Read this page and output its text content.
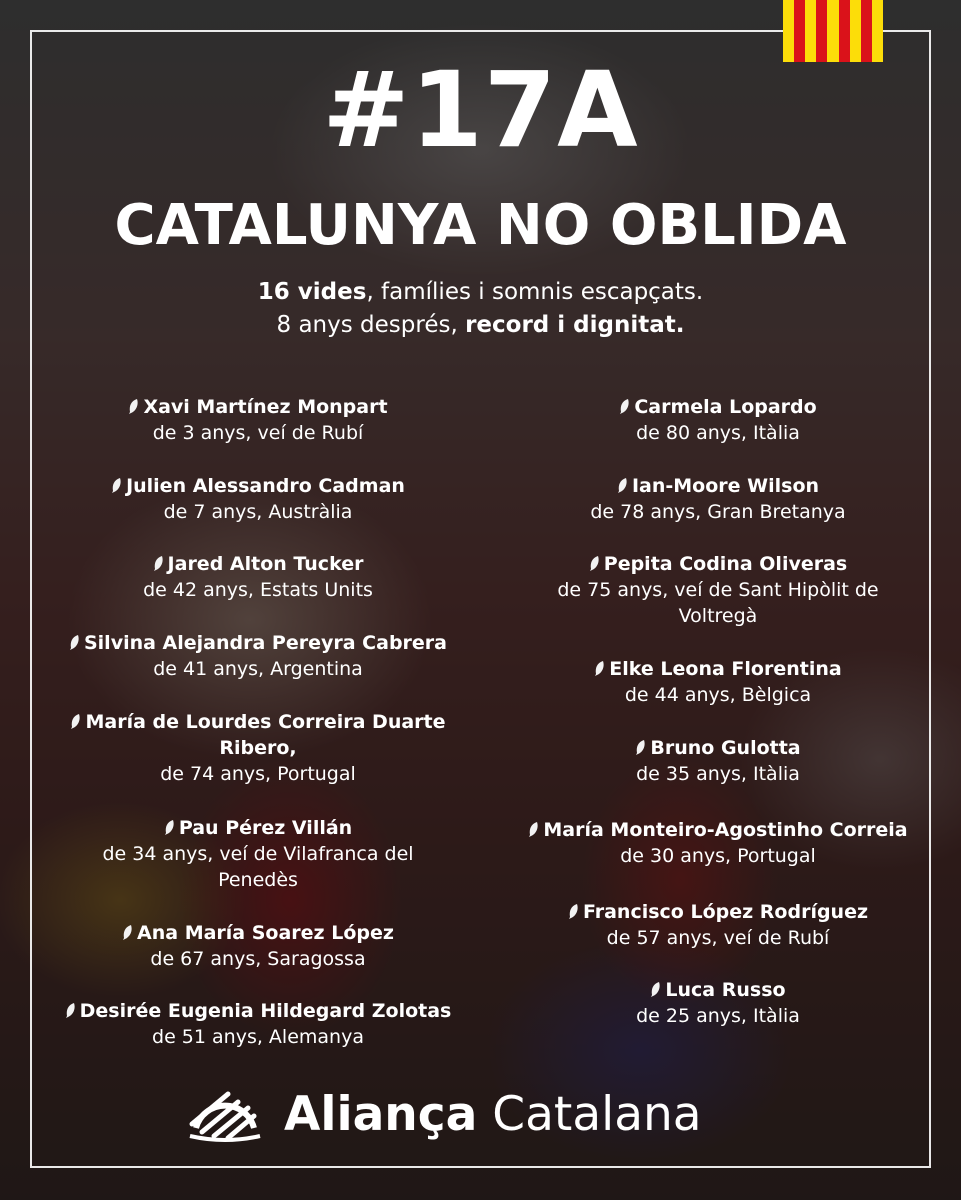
#17A
CATALUNYA NO OBLIDA
16 vides, famílies i somnis escapçats.
8 anys després, record i dignitat.
Xavi Martínez Monpart
de 3 anys, veí de Rubí
Julien Alessandro Cadman
de 7 anys, Austràlia
Jared Alton Tucker
de 42 anys, Estats Units
Silvina Alejandra Pereyra Cabrera
de 41 anys, Argentina
María de Lourdes Correira Duarte
Ribero,
de 74 anys, Portugal
Pau Pérez Villán
de 34 anys, veí de Vilafranca del
Penedès
Ana María Soarez López
de 67 anys, Saragossa
Desirée Eugenia Hildegard Zolotas
de 51 anys, Alemanya
Carmela Lopardo
de 80 anys, Itàlia
Ian-Moore Wilson
de 78 anys, Gran Bretanya
Pepita Codina Oliveras
de 75 anys, veí de Sant Hipòlit de
Voltregà
Elke Leona Florentina
de 44 anys, Bèlgica
Bruno Gulotta
de 35 anys, Itàlia
María Monteiro-Agostinho Correia
de 30 anys, Portugal
Francisco López Rodríguez
de 57 anys, veí de Rubí
Luca Russo
de 25 anys, Itàlia
Aliança Catalana
